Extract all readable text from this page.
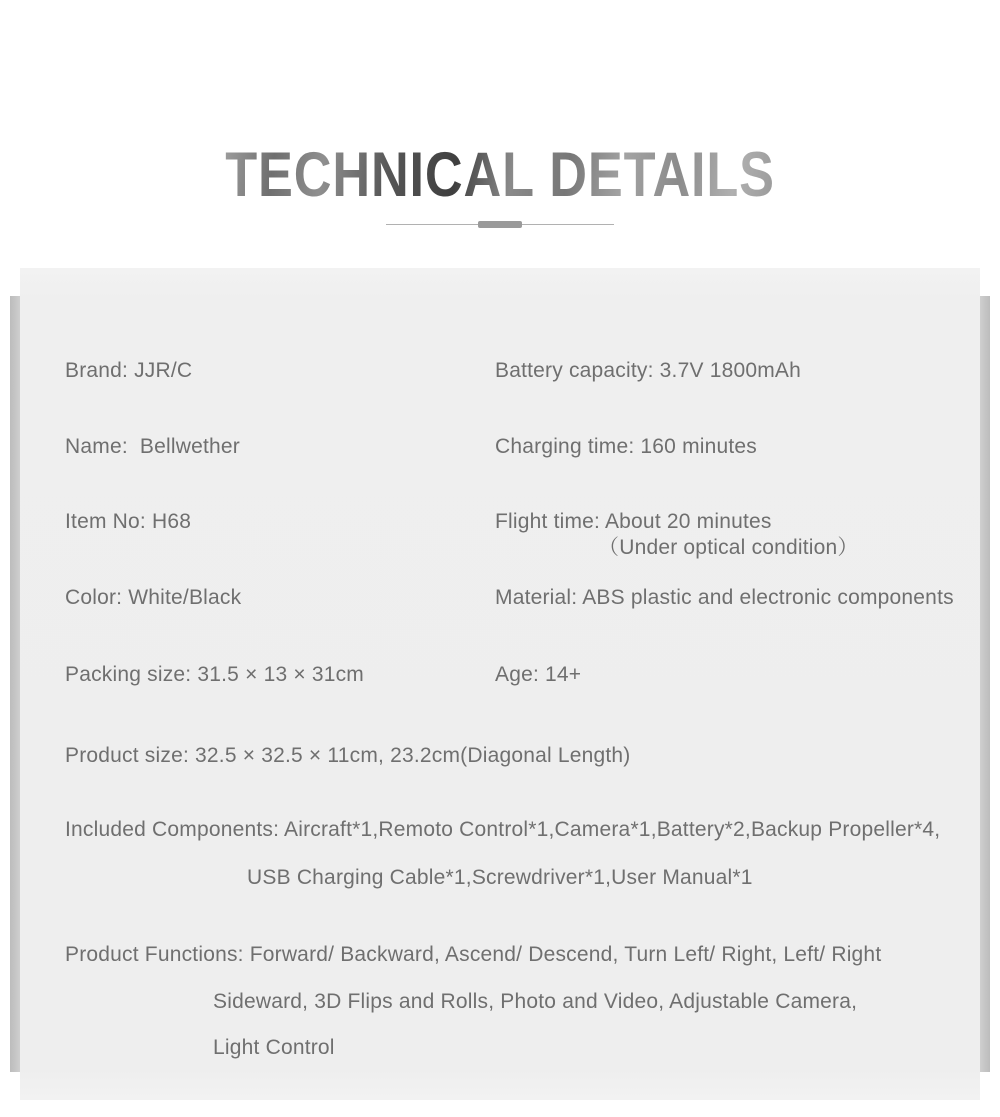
TECHNICAL DETAILS
Brand: JJR/C	Battery capacity: 3.7V 1800mAh
Name:  Bellwether	Charging time: 160 minutes
Item No: H68	Flight time: About 20 minutes
（Under optical condition）
Color: White/Black	Material: ABS plastic and electronic components
Packing size: 31.5 × 13 × 31cm	Age: 14+
Product size: 32.5 × 32.5 × 11cm, 23.2cm(Diagonal Length)
Included Components: Aircraft*1,Remoto Control*1,Camera*1,Battery*2,Backup Propeller*4,
USB Charging Cable*1,Screwdriver*1,User Manual*1
Product Functions: Forward/ Backward, Ascend/ Descend, Turn Left/ Right, Left/ Right
Sideward, 3D Flips and Rolls, Photo and Video, Adjustable Camera,
Light Control
